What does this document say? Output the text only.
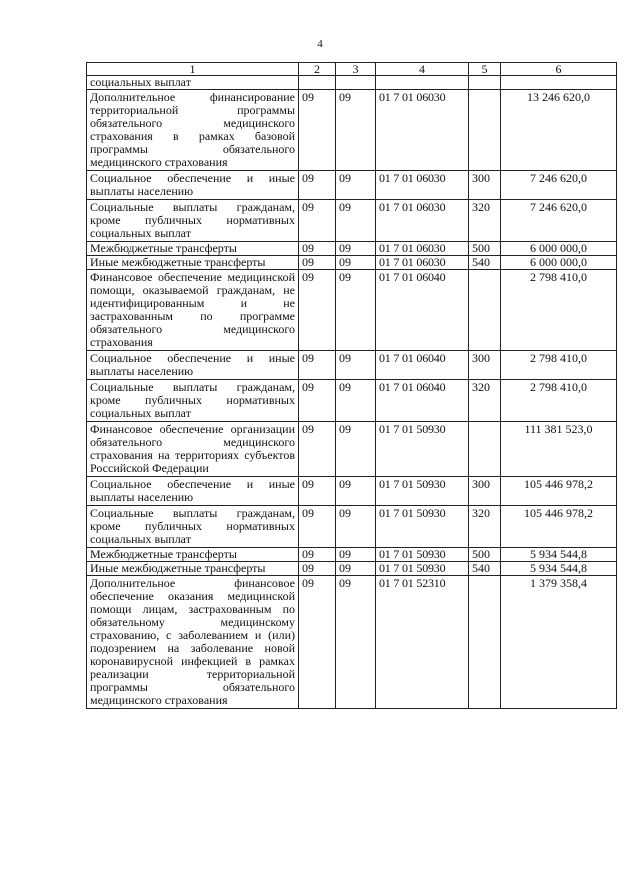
4
1	2	3	4	5	6
социальных выплат					
Дополнительное финансирование территориальной программы обязательного медицинского страхования в рамках базовой программы обязательного медицинского страхования	09	09	01 7 01 06030		13 246 620,0
Социальное обеспечение и иные выплаты населению	09	09	01 7 01 06030	300	7 246 620,0
Социальные выплаты гражданам, кроме публичных нормативных социальных выплат	09	09	01 7 01 06030	320	7 246 620,0
Межбюджетные трансферты	09	09	01 7 01 06030	500	6 000 000,0
Иные межбюджетные трансферты	09	09	01 7 01 06030	540	6 000 000,0
Финансовое обеспечение медицинской помощи, оказываемой гражданам, не идентифицированным и не застрахованным по программе обязательного медицинского страхования	09	09	01 7 01 06040		2 798 410,0
Социальное обеспечение и иные выплаты населению	09	09	01 7 01 06040	300	2 798 410,0
Социальные выплаты гражданам, кроме публичных нормативных социальных выплат	09	09	01 7 01 06040	320	2 798 410,0
Финансовое обеспечение организации обязательного медицинского страхования на территориях субъектов Российской Федерации	09	09	01 7 01 50930		111 381 523,0
Социальное обеспечение и иные выплаты населению	09	09	01 7 01 50930	300	105 446 978,2
Социальные выплаты гражданам, кроме публичных нормативных социальных выплат	09	09	01 7 01 50930	320	105 446 978,2
Межбюджетные трансферты	09	09	01 7 01 50930	500	5 934 544,8
Иные межбюджетные трансферты	09	09	01 7 01 50930	540	5 934 544,8
Дополнительное финансовое обеспечение оказания медицинской помощи лицам, застрахованным по обязательному медицинскому страхованию, с заболеванием и (или) подозрением на заболевание новой коронавирусной инфекцией в рамках реализации территориальной программы обязательного медицинского страхования	09	09	01 7 01 52310		1 379 358,4
